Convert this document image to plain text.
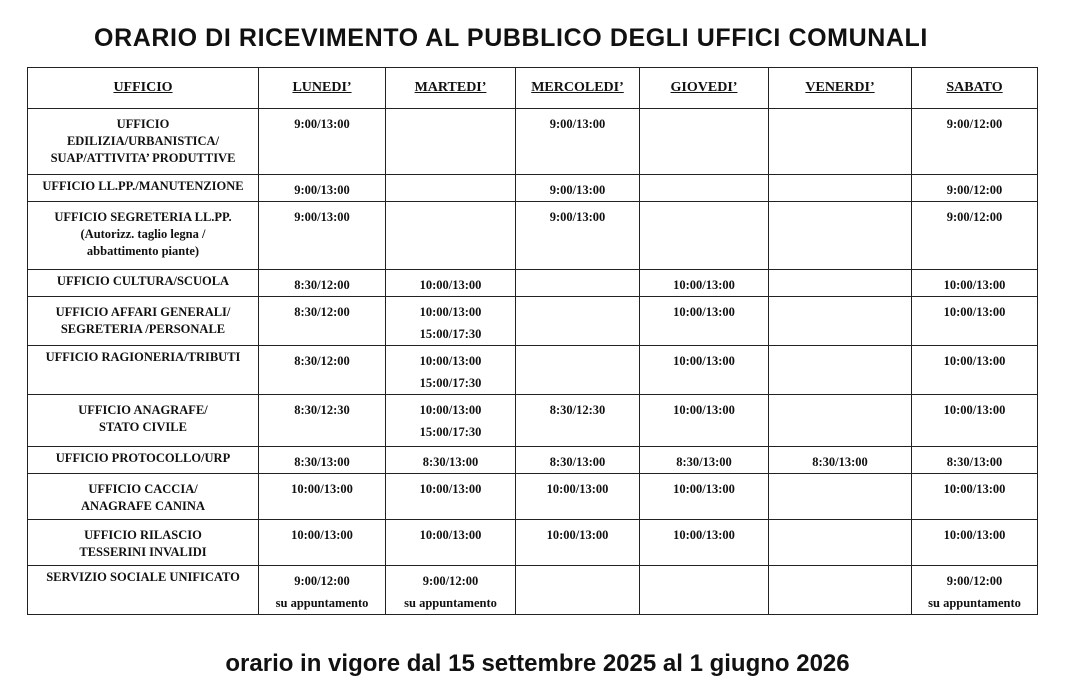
ORARIO DI RICEVIMENTO AL PUBBLICO DEGLI UFFICI COMUNALI
UFFICIO	LUNEDI’	MARTEDI’	MERCOLEDI’	GIOVEDI’	VENERDI’	SABATO

UFFICIO
EDILIZIA/URBANISTICA/
SUAP/ATTIVITA’ PRODUTTIVE	9:00/13:00		9:00/13:00			9:00/12:00

UFFICIO LL.PP./MANUTENZIONE	9:00/13:00		9:00/13:00			9:00/12:00

UFFICIO SEGRETERIA LL.PP.
(Autorizz. taglio legna /
abbattimento piante)	9:00/13:00		9:00/13:00			9:00/12:00

UFFICIO CULTURA/SCUOLA	8:30/12:00	10:00/13:00		10:00/13:00		10:00/13:00

UFFICIO AFFARI GENERALI/
SEGRETERIA /PERSONALE	8:30/12:00	10:00/13:00
15:00/17:30		10:00/13:00		10:00/13:00

UFFICIO RAGIONERIA/TRIBUTI	8:30/12:00	10:00/13:00
15:00/17:30		10:00/13:00		10:00/13:00

UFFICIO ANAGRAFE/
STATO CIVILE	8:30/12:30	10:00/13:00
15:00/17:30	8:30/12:30	10:00/13:00		10:00/13:00

UFFICIO PROTOCOLLO/URP	8:30/13:00	8:30/13:00	8:30/13:00	8:30/13:00	8:30/13:00	8:30/13:00

UFFICIO CACCIA/
ANAGRAFE CANINA	10:00/13:00	10:00/13:00	10:00/13:00	10:00/13:00		10:00/13:00

UFFICIO RILASCIO
TESSERINI INVALIDI	10:00/13:00	10:00/13:00	10:00/13:00	10:00/13:00		10:00/13:00

SERVIZIO SOCIALE UNIFICATO	9:00/12:00
su appuntamento	9:00/12:00
su appuntamento				9:00/12:00
su appuntamento
orario in vigore dal 15 settembre 2025 al 1 giugno 2026
